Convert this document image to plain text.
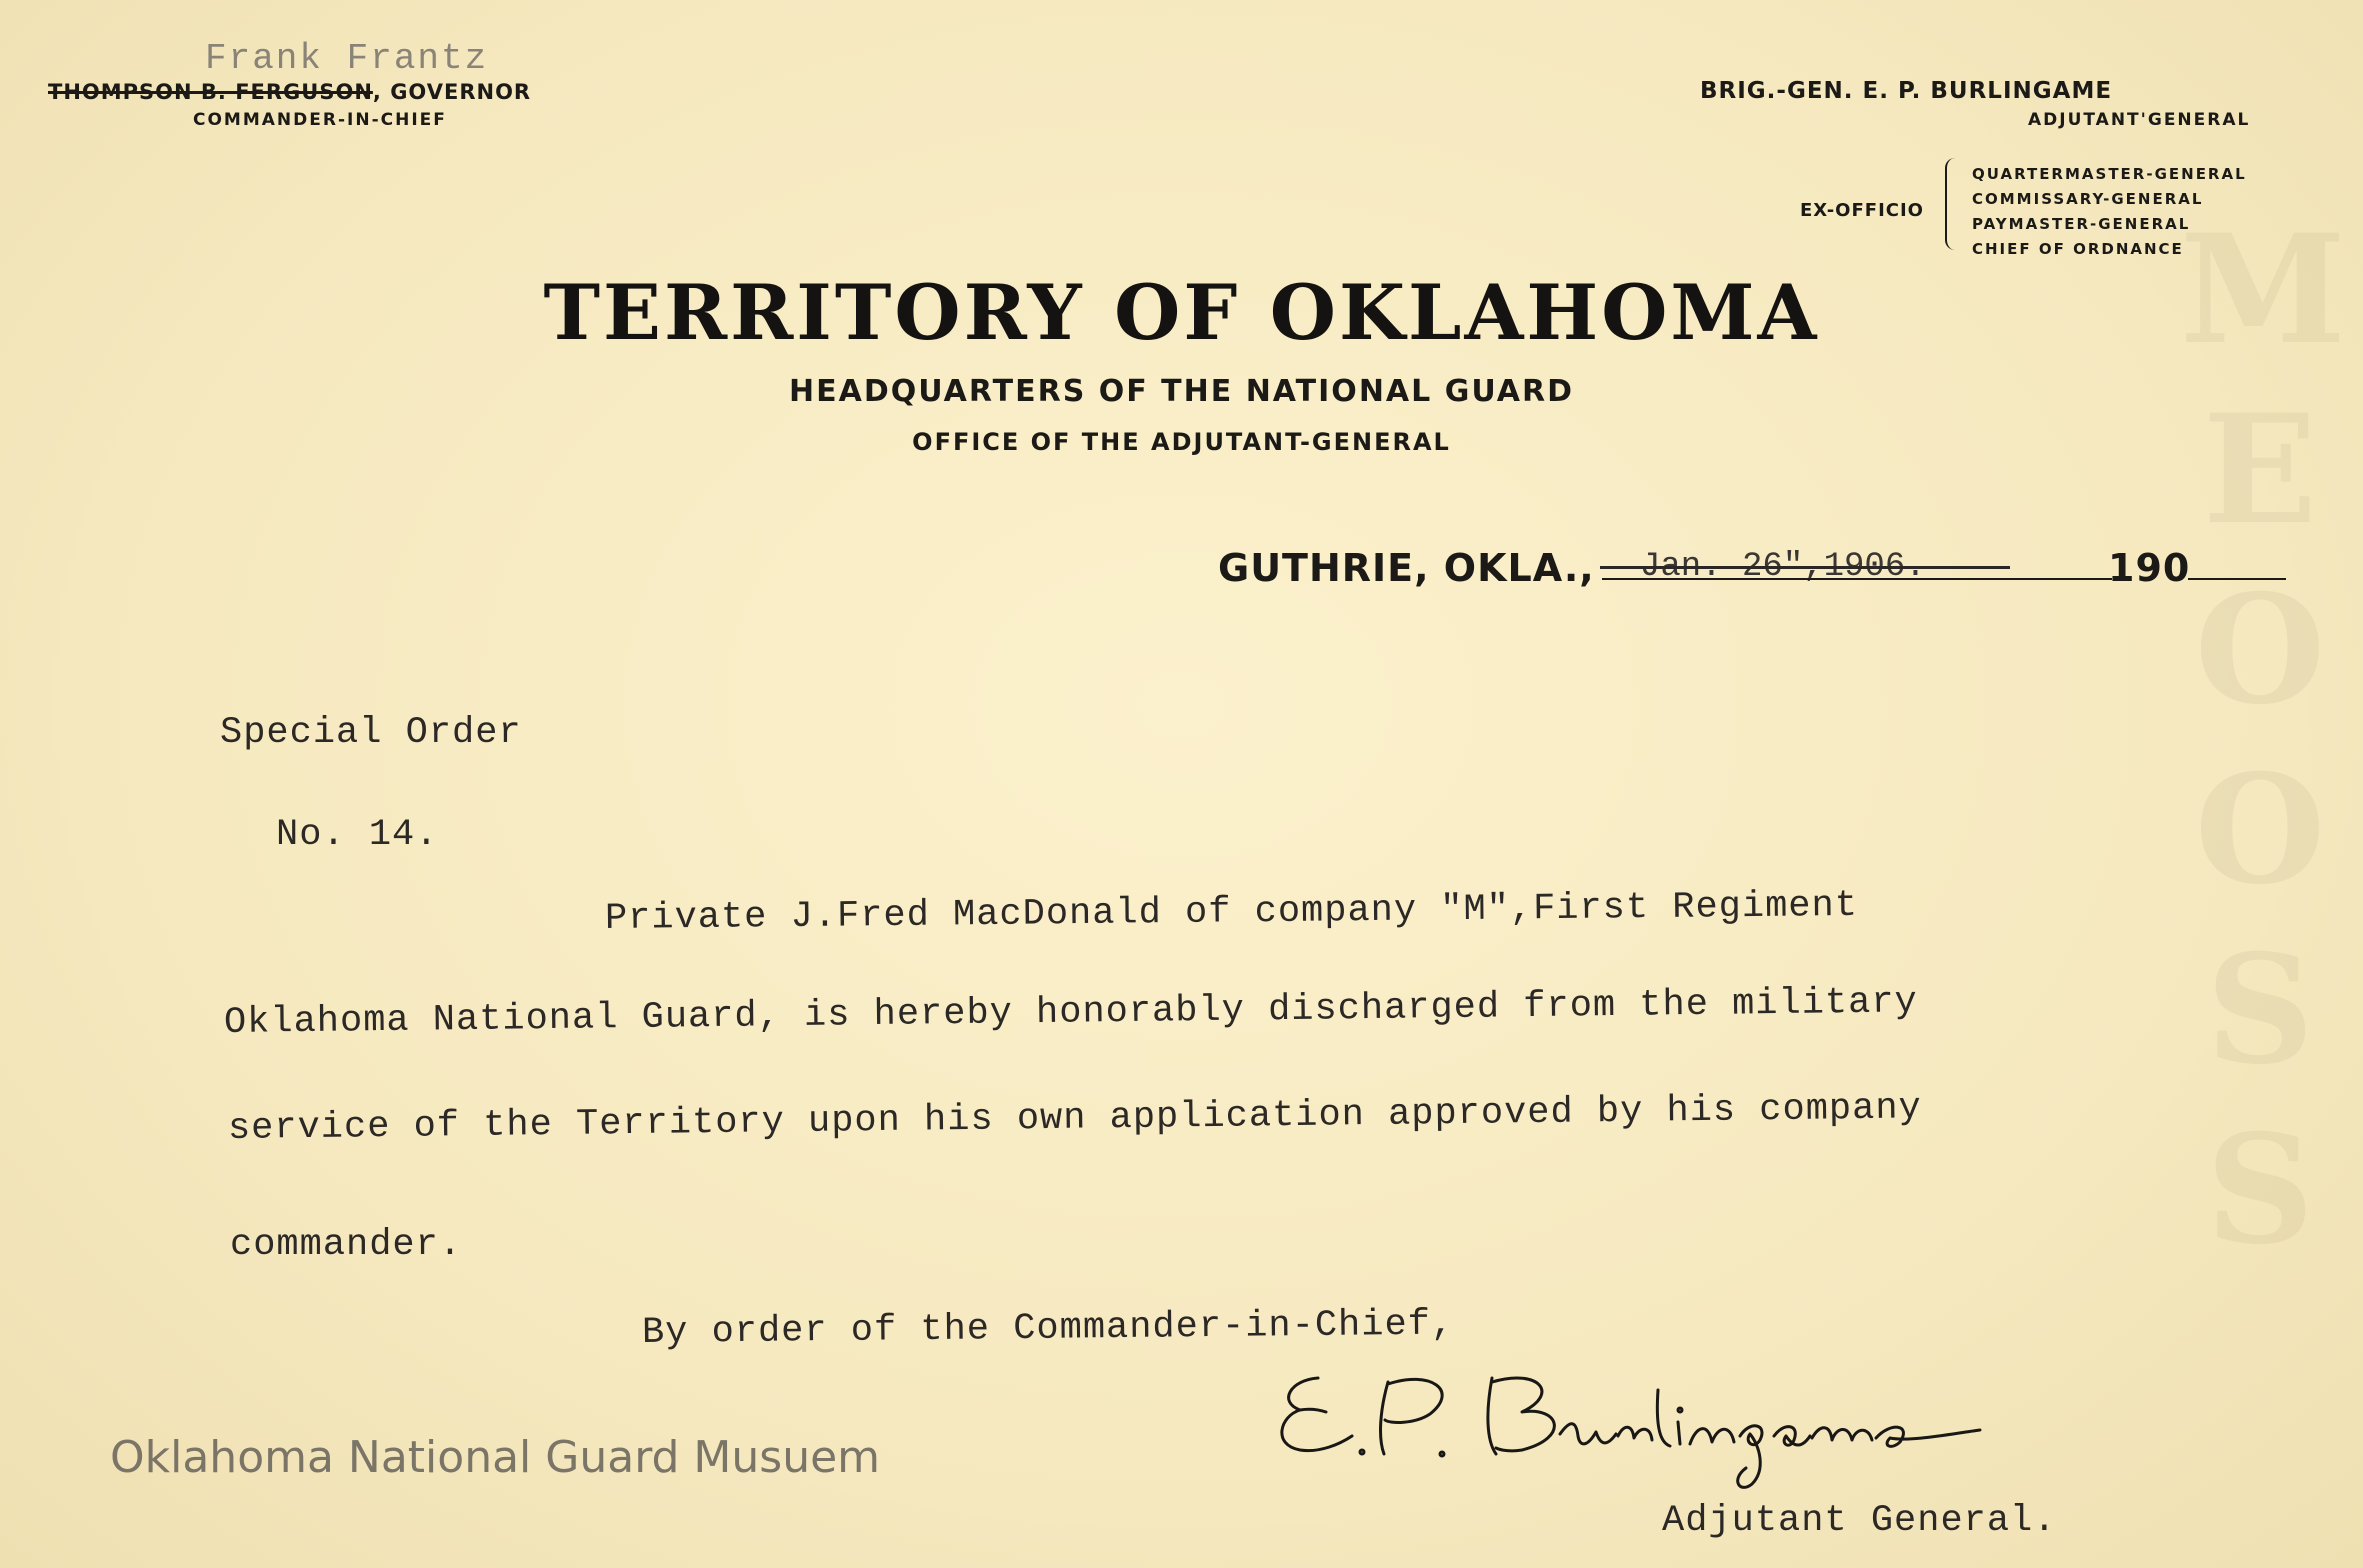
M
E
O
O
S
S
Frank Frantz
THOMPSON B. FERGUSON, GOVERNOR
COMMANDER-IN-CHIEF
BRIG.-GEN. E. P. BURLINGAME
ADJUTANT'GENERAL
EX-OFFICIO
QUARTERMASTER-GENERAL
COMMISSARY-GENERAL
PAYMASTER-GENERAL
CHIEF OF ORDNANCE
TERRITORY OF OKLAHOMA
HEADQUARTERS OF THE NATIONAL GUARD
OFFICE OF THE ADJUTANT-GENERAL
GUTHRIE, OKLA., Jan. 26",1906.	190
Special Order
No. 14.
Private J.Fred MacDonald of company "M",First Regiment
Oklahoma National Guard, is hereby honorably discharged from the military
service of the Territory upon his own application approved by his company
commander.
By order of the Commander-in-Chief,
Adjutant General.
Oklahoma National Guard Musuem
